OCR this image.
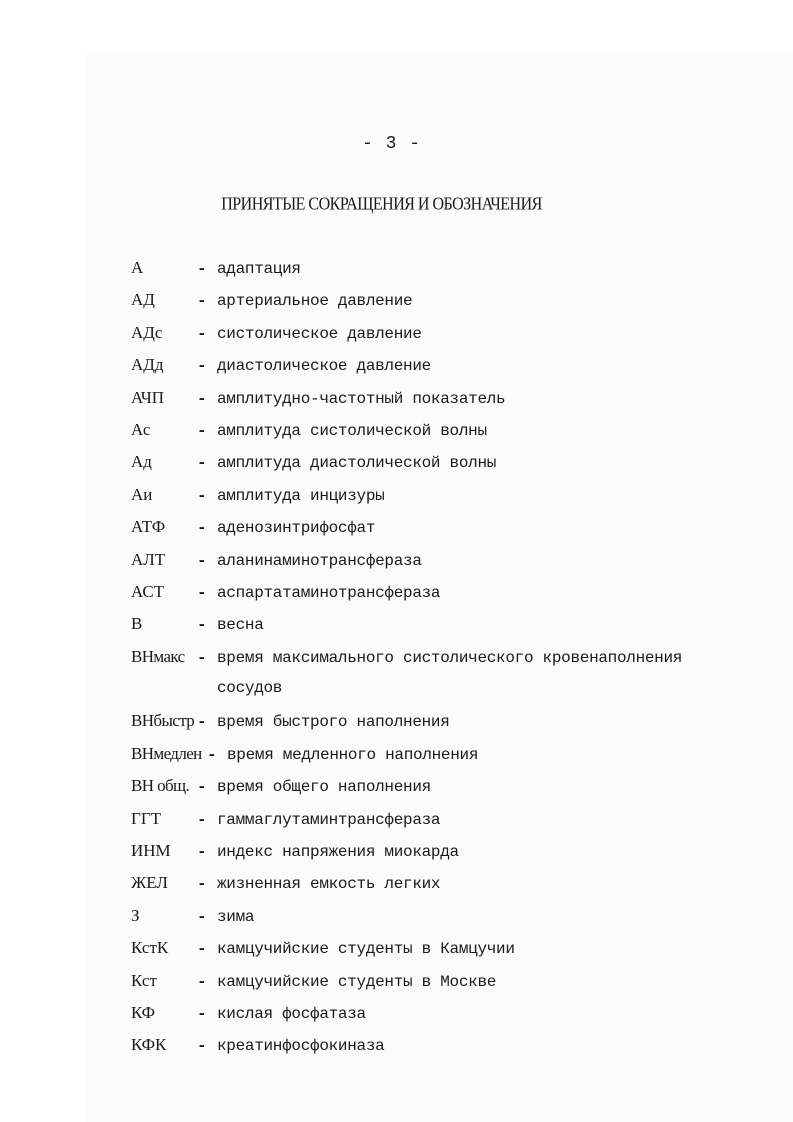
- 3 -
ПРИНЯТЫЕ СОКРАЩЕНИЯ И ОБОЗНАЧЕНИЯ
А	- адаптация
АД	- артериальное давление
АДс	- систолическое давление
АДд	- диастолическое давление
АЧП	- амплитудно-частотный показатель
Ас	- амплитуда систолической волны
Ад	- амплитуда диастолической волны
Аи	- амплитуда инцизуры
АТФ	- аденозинтрифосфат
АЛТ	- аланинаминотрансфераза
АСТ	- аспартатаминотрансфераза
В	- весна
ВНмакс - время максимального систолического кровенаполнения
сосудов
ВНбыстр - время быстрого наполнения
ВНмедлен - время медленного наполнения
ВН общ. - время общего наполнения
ГГТ	- гаммаглутаминтрансфераза
ИНМ	- индекс напряжения миокарда
ЖЕЛ	- жизненная емкость легких
З	- зима
КстК	- камцучийские студенты в Камцучии
Кст	- камцучийские студенты в Москве
КФ	- кислая фосфатаза
КФК	- креатинфосфокиназа
